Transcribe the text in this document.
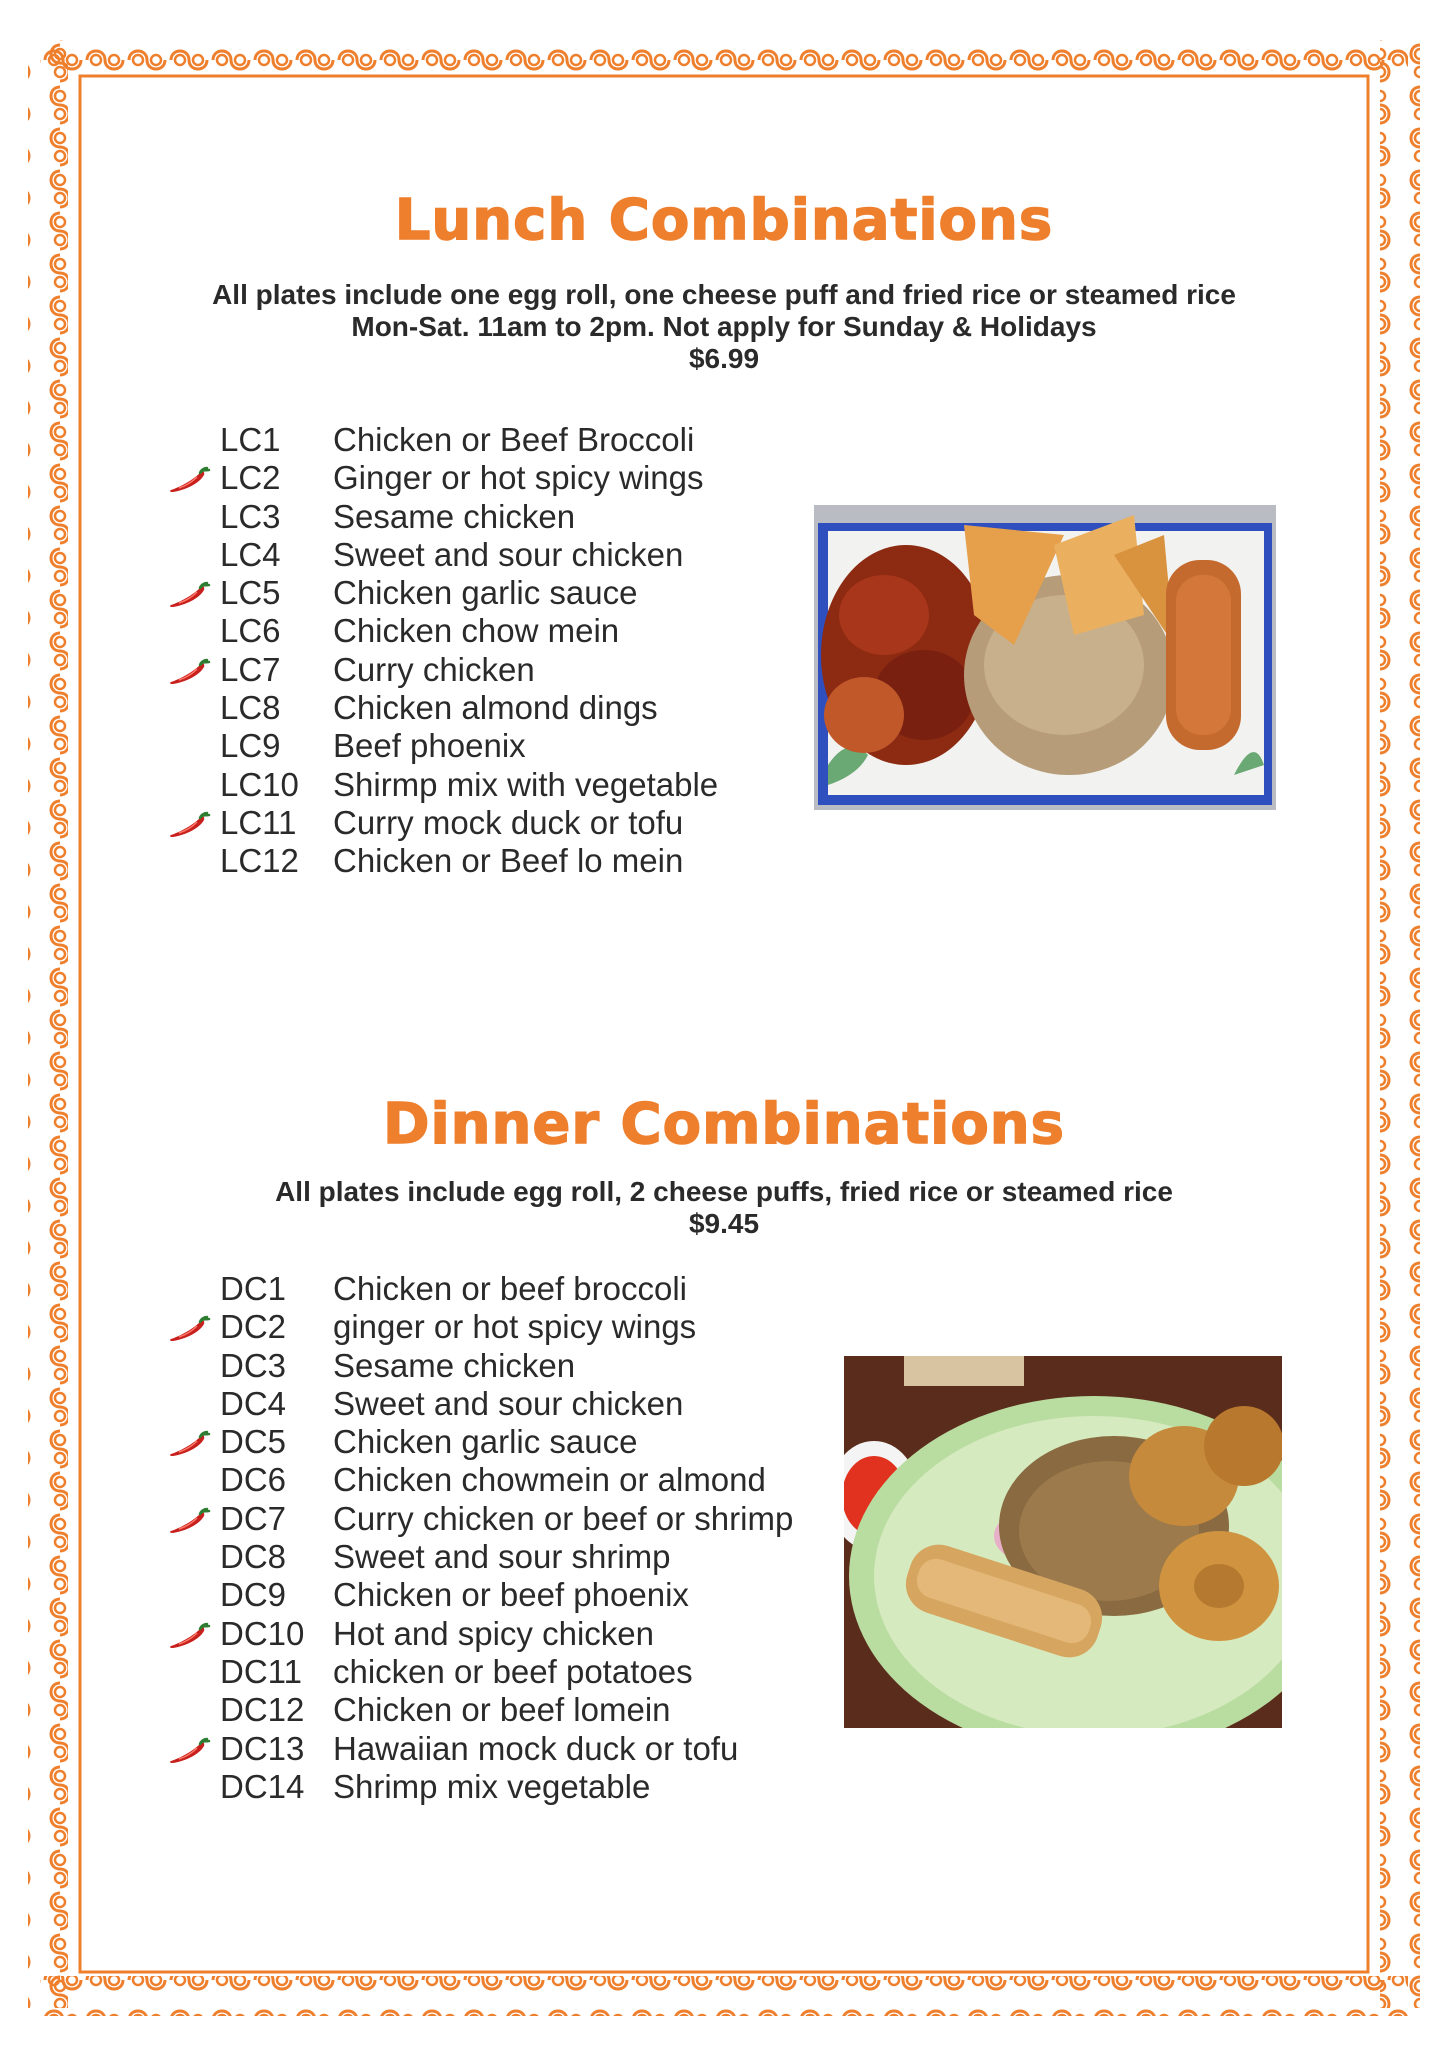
Lunch Combinations
All plates include one egg roll, one cheese puff and fried rice or steamed rice
Mon-Sat. 11am to 2pm. Not apply for Sunday & Holidays
$6.99
LC1 Chicken or Beef Broccoli
LC2 Ginger or hot spicy wings
LC3 Sesame chicken
LC4 Sweet and sour chicken
LC5 Chicken garlic sauce
LC6 Chicken chow mein
LC7 Curry chicken
LC8 Chicken almond dings
LC9 Beef phoenix
LC10 Shirmp mix with vegetable
LC11 Curry mock duck or tofu
LC12 Chicken or Beef lo mein
Dinner Combinations
All plates include egg roll, 2 cheese puffs, fried rice or steamed rice
$9.45
DC1 Chicken or beef broccoli
DC2 ginger or hot spicy wings
DC3 Sesame chicken
DC4 Sweet and sour chicken
DC5 Chicken garlic sauce
DC6 Chicken chowmein or almond
DC7 Curry chicken or beef or shrimp
DC8 Sweet and sour shrimp
DC9 Chicken or beef phoenix
DC10 Hot and spicy chicken
DC11 chicken or beef potatoes
DC12 Chicken or beef lomein
DC13 Hawaiian mock duck or tofu
DC14 Shrimp mix vegetable
